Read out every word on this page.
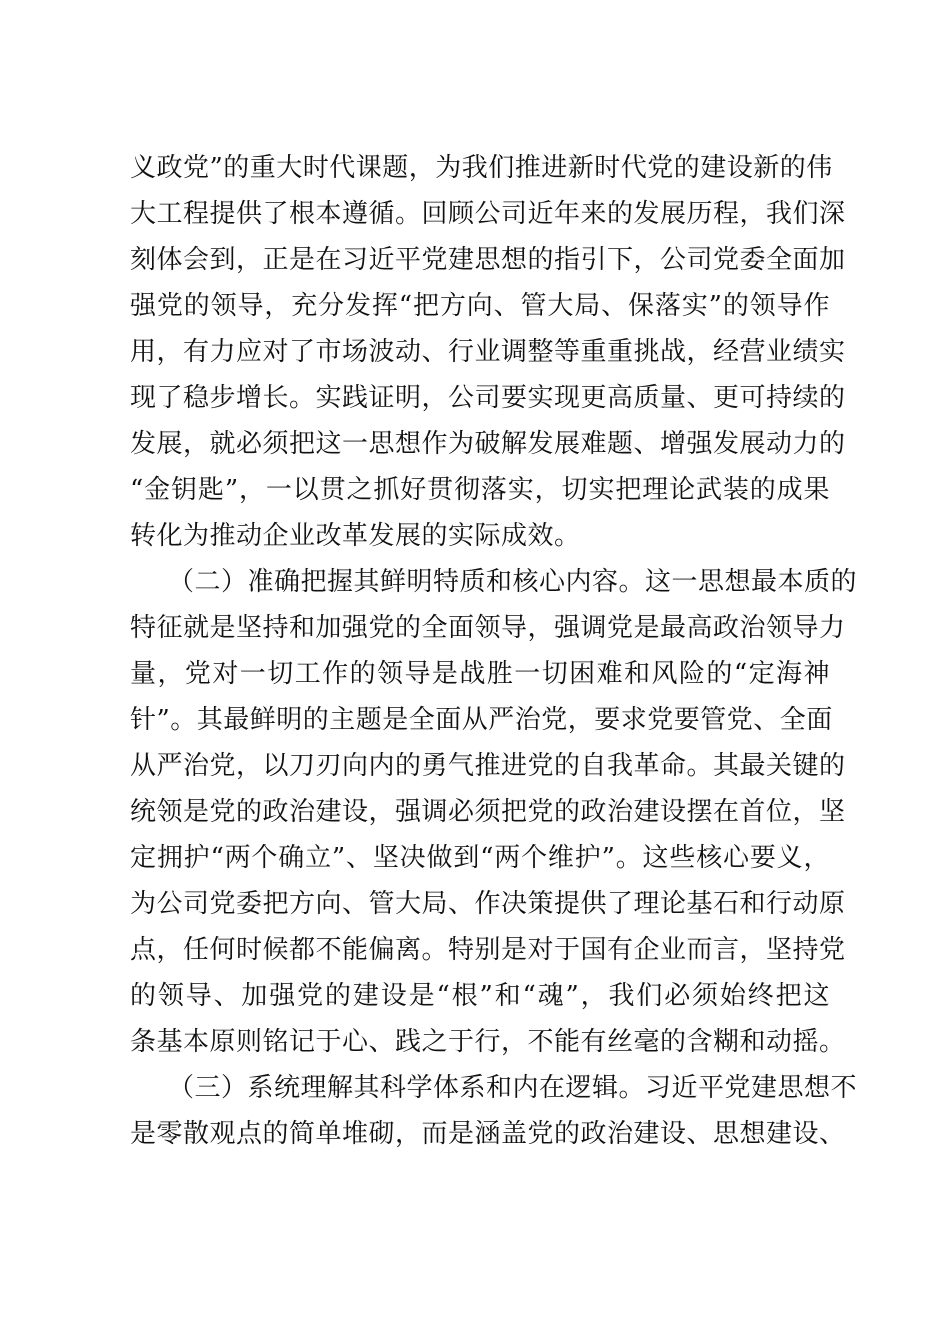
义政党”的重大时代课题，为我们推进新时代党的建设新的伟
大工程提供了根本遵循。回顾公司近年来的发展历程，我们深
刻体会到，正是在习近平党建思想的指引下，公司党委全面加
强党的领导，充分发挥“把方向、管大局、保落实”的领导作
用，有力应对了市场波动、行业调整等重重挑战，经营业绩实
现了稳步增长。实践证明，公司要实现更高质量、更可持续的
发展，就必须把这一思想作为破解发展难题、增强发展动力的
“金钥匙”，一以贯之抓好贯彻落实，切实把理论武装的成果
转化为推动企业改革发展的实际成效。
（二）准确把握其鲜明特质和核心内容。这一思想最本质的
特征就是坚持和加强党的全面领导，强调党是最高政治领导力
量，党对一切工作的领导是战胜一切困难和风险的“定海神
针”。其最鲜明的主题是全面从严治党，要求党要管党、全面
从严治党，以刀刃向内的勇气推进党的自我革命。其最关键的
统领是党的政治建设，强调必须把党的政治建设摆在首位，坚
定拥护“两个确立”、坚决做到“两个维护”。这些核心要义，
为公司党委把方向、管大局、作决策提供了理论基石和行动原
点，任何时候都不能偏离。特别是对于国有企业而言，坚持党
的领导、加强党的建设是“根”和“魂”，我们必须始终把这
条基本原则铭记于心、践之于行，不能有丝毫的含糊和动摇。
（三）系统理解其科学体系和内在逻辑。习近平党建思想不
是零散观点的简单堆砌，而是涵盖党的政治建设、思想建设、
